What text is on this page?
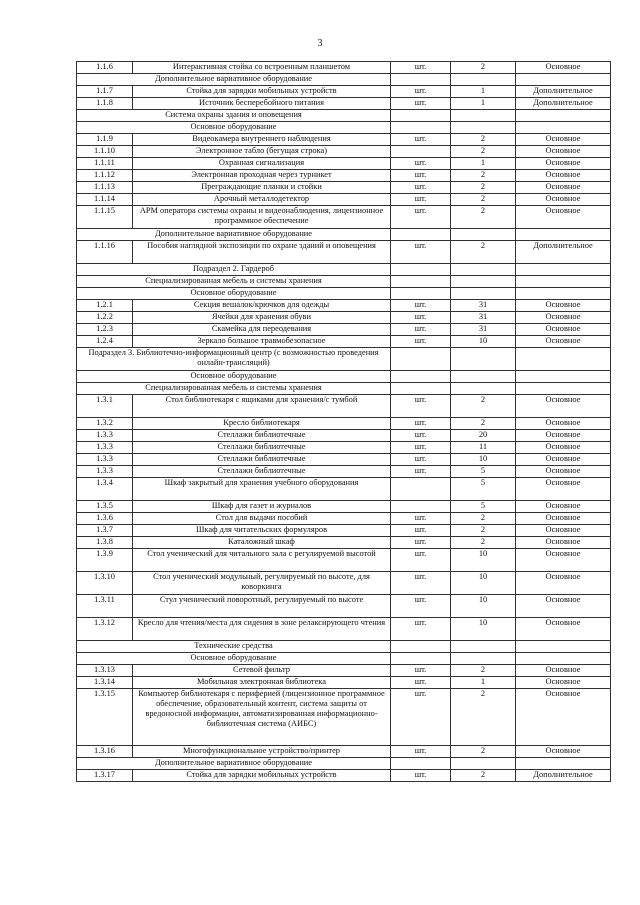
3
1.1.6	Интерактивная стойка со встроенным планшетом	шт.	2	Основное
Дополнительное вариативное оборудование				
1.1.7	Стойка для зарядки мобильных устройств	шт.	1	Дополнительное
1.1.8	Источник бесперебойного питания	шт.	1	Дополнительное
Система охраны здания и оповещения				
Основное оборудование				
1.1.9	Видеокамера внутреннего наблюдения	шт.	2	Основное
1.1.10	Электронное табло (бегущая строка)		2	Основное
1.1.11	Охранная сигнализация	шт.	1	Основное
1.1.12	Электронная проходная через турникет	шт.	2	Основное
1.1.13	Преграждающие планки и стойки	шт.	2	Основное
1.1.14	Арочный металлодетектор	шт.	2	Основное
1.1.15	АРМ оператора системы охраны и видеонаблюдения, лицензионное программное обеспечение	шт.	2	Основное
Дополнительное вариативное оборудование				
1.1.16	Пособия наглядной экспозиции по охране зданий и оповещения	шт.	2	Дополнительное
Подраздел 2. Гардероб				
Специализированная мебель и системы хранения				
Основное оборудование				
1.2.1	Секция вешалок/крючков для одежды	шт.	31	Основное
1.2.2	Ячейки для хранения обуви	шт.	31	Основное
1.2.3	Скамейка для переодевания	шт.	31	Основное
1.2.4	Зеркало большое травмобезопасное	шт.	10	Основное
Подраздел 3. Библиотечно-информационный центр (с возможностью проведения онлайн-трансляций)				
Основное оборудование				
Специализированная мебель и системы хранения				
1.3.1	Стол библиотекаря с ящиками для хранения/с тумбой	шт.	2	Основное
1.3.2	Кресло библиотекаря	шт.	2	Основное
1.3.3	Стеллажи библиотечные	шт.	20	Основное
1.3.3	Стеллажи библиотечные	шт.	11	Основное
1.3.3	Стеллажи библиотечные	шт.	10	Основное
1.3.3	Стеллажи библиотечные	шт.	5	Основное
1.3.4	Шкаф закрытый для хранения учебного оборудования		5	Основное
1.3.5	Шкаф для газет и журналов		5	Основное
1.3.6	Стол для выдачи пособий	шт.	2	Основное
1.3.7	Шкаф для читательских формуляров	шт.	2	Основное
1.3.8	Каталожный шкаф	шт.	2	Основное
1.3.9	Стол ученический для читального зала с регулируемой высотой	шт.	10	Основное
1.3.10	Стол ученический модульный, регулируемый по высоте, для коворкинга	шт.	10	Основное
1.3.11	Стул ученический поворотный, регулируемый по высоте	шт.	10	Основное
1.3.12	Кресло для чтения/места для сидения в зоне релаксирующего чтения	шт.	10	Основное
Технические средства				
Основное оборудование				
1.3.13	Сетевой фильтр	шт.	2	Основное
1.3.14	Мобильная электронная библиотека	шт.	1	Основное
1.3.15	Компьютер библиотекаря с периферией (лицензионное программное обеспечение, образовательный контент, система защиты от вредоносной информации, автоматизированная информационно-библиотечная система (АИБС)	шт.	2	Основное
1.3.16	Многофункциональное устройство/принтер	шт.	2	Основное
Дополнительное вариативное оборудование				
1.3.17	Стойка для зарядки мобильных устройств	шт.	2	Дополнительное
